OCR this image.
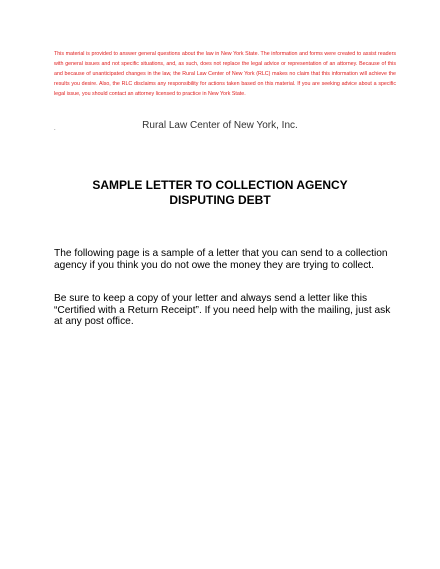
This material is provided to answer general questions about the law in New York State. The information and forms were created to assist readers with general issues and not specific situations, and, as such, does not replace the legal advice or representation of an attorney. Because of this and because of unanticipated changes in the law, the Rural Law Center of New York (RLC) makes no claim that this information will achieve the results you desire. Also, the RLC disclaims any responsibility for actions taken based on this material. If you are seeking advice about a specific legal issue, you should contact an attorney licensed to practice in New York State.

.	Rural Law Center of New York, Inc.

SAMPLE LETTER TO COLLECTION AGENCY
DISPUTING DEBT

The following page is a sample of a letter that you can send to a collection agency if you think you do not owe the money they are trying to collect.

Be sure to keep a copy of your letter and always send a letter like this “Certified with a Return Receipt”. If you need help with the mailing, just ask at any post office.
